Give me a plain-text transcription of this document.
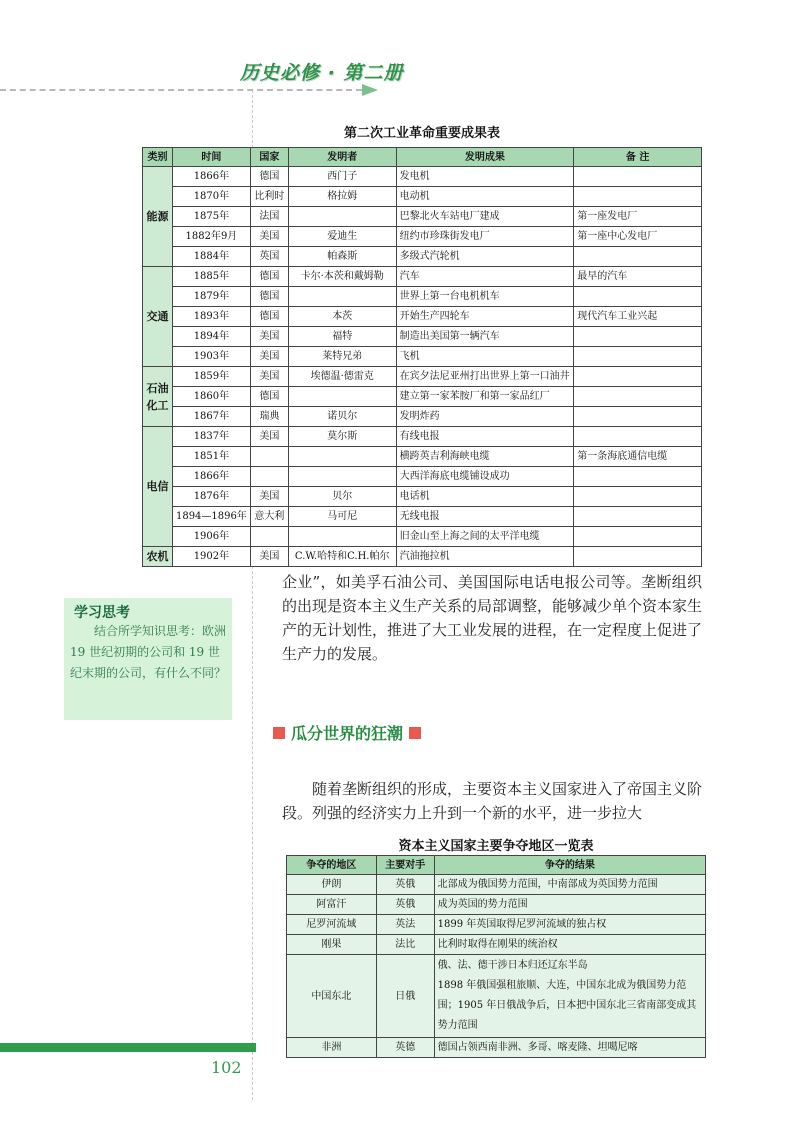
历史必修 · 第二册
第二次工业革命重要成果表
类别	时间	国家	发明者	发明成果	备 注
能源	1866年	德国	西门子	发电机	
	1870年	比利时	格拉姆	电动机	
	1875年	法国		巴黎北火车站电厂建成	第一座发电厂
	1882年9月	美国	爱迪生	纽约市珍珠街发电厂	第一座中心发电厂
	1884年	英国	帕森斯	多级式汽轮机	
交通	1885年	德国	卡尔·本茨和戴姆勒	汽车	最早的汽车
	1879年	德国		世界上第一台电机机车	
	1893年	德国	本茨	开始生产四轮车	现代汽车工业兴起
	1894年	美国	福特	制造出美国第一辆汽车	
	1903年	美国	莱特兄弟	飞机	
石油化工	1859年	美国	埃德温·德雷克	在宾夕法尼亚州打出世界上第一口油井	
	1860年	德国		建立第一家苯胺厂和第一家品红厂	
	1867年	瑞典	诺贝尔	发明炸药	
电信	1837年	美国	莫尔斯	有线电报	
	1851年			横跨英吉利海峡电缆	第一条海底通信电缆
	1866年			大西洋海底电缆铺设成功	
	1876年	美国	贝尔	电话机	
	1894—1896年	意大利	马可尼	无线电报	
	1906年			旧金山至上海之间的太平洋电缆	
农机	1902年	美国	C.W.哈特和C.H.帕尔	汽油拖拉机	

企业”，如美孚石油公司、美国国际电话电报公司等。垄断组织的出现是资本主义生产关系的局部调整，能够减少单个资本家生产的无计划性，推进了大工业发展的进程，在一定程度上促进了生产力的发展。

学习思考

结合所学知识思考：欧洲 19 世纪初期的公司和 19 世纪末期的公司，有什么不同？

瓜分世界的狂潮

随着垄断组织的形成，主要资本主义国家进入了帝国主义阶段。列强的经济实力上升到一个新的水平，进一步拉大

资本主义国家主要争夺地区一览表
争夺的地区	主要对手	争夺的结果
伊朗	英俄	北部成为俄国势力范围，中南部成为英国势力范围
阿富汗	英俄	成为英国的势力范围
尼罗河流域	英法	1899 年英国取得尼罗河流域的独占权
刚果	法比	比利时取得在刚果的统治权
中国东北	日俄	俄、法、德干涉日本归还辽东半岛
1898 年俄国强租旅顺、大连，中国东北成为俄国势力范围；1905 年日俄战争后，日本把中国东北三省南部变成其势力范围
非洲	英德	德国占领西南非洲、多哥、喀麦隆、坦噶尼喀
102
